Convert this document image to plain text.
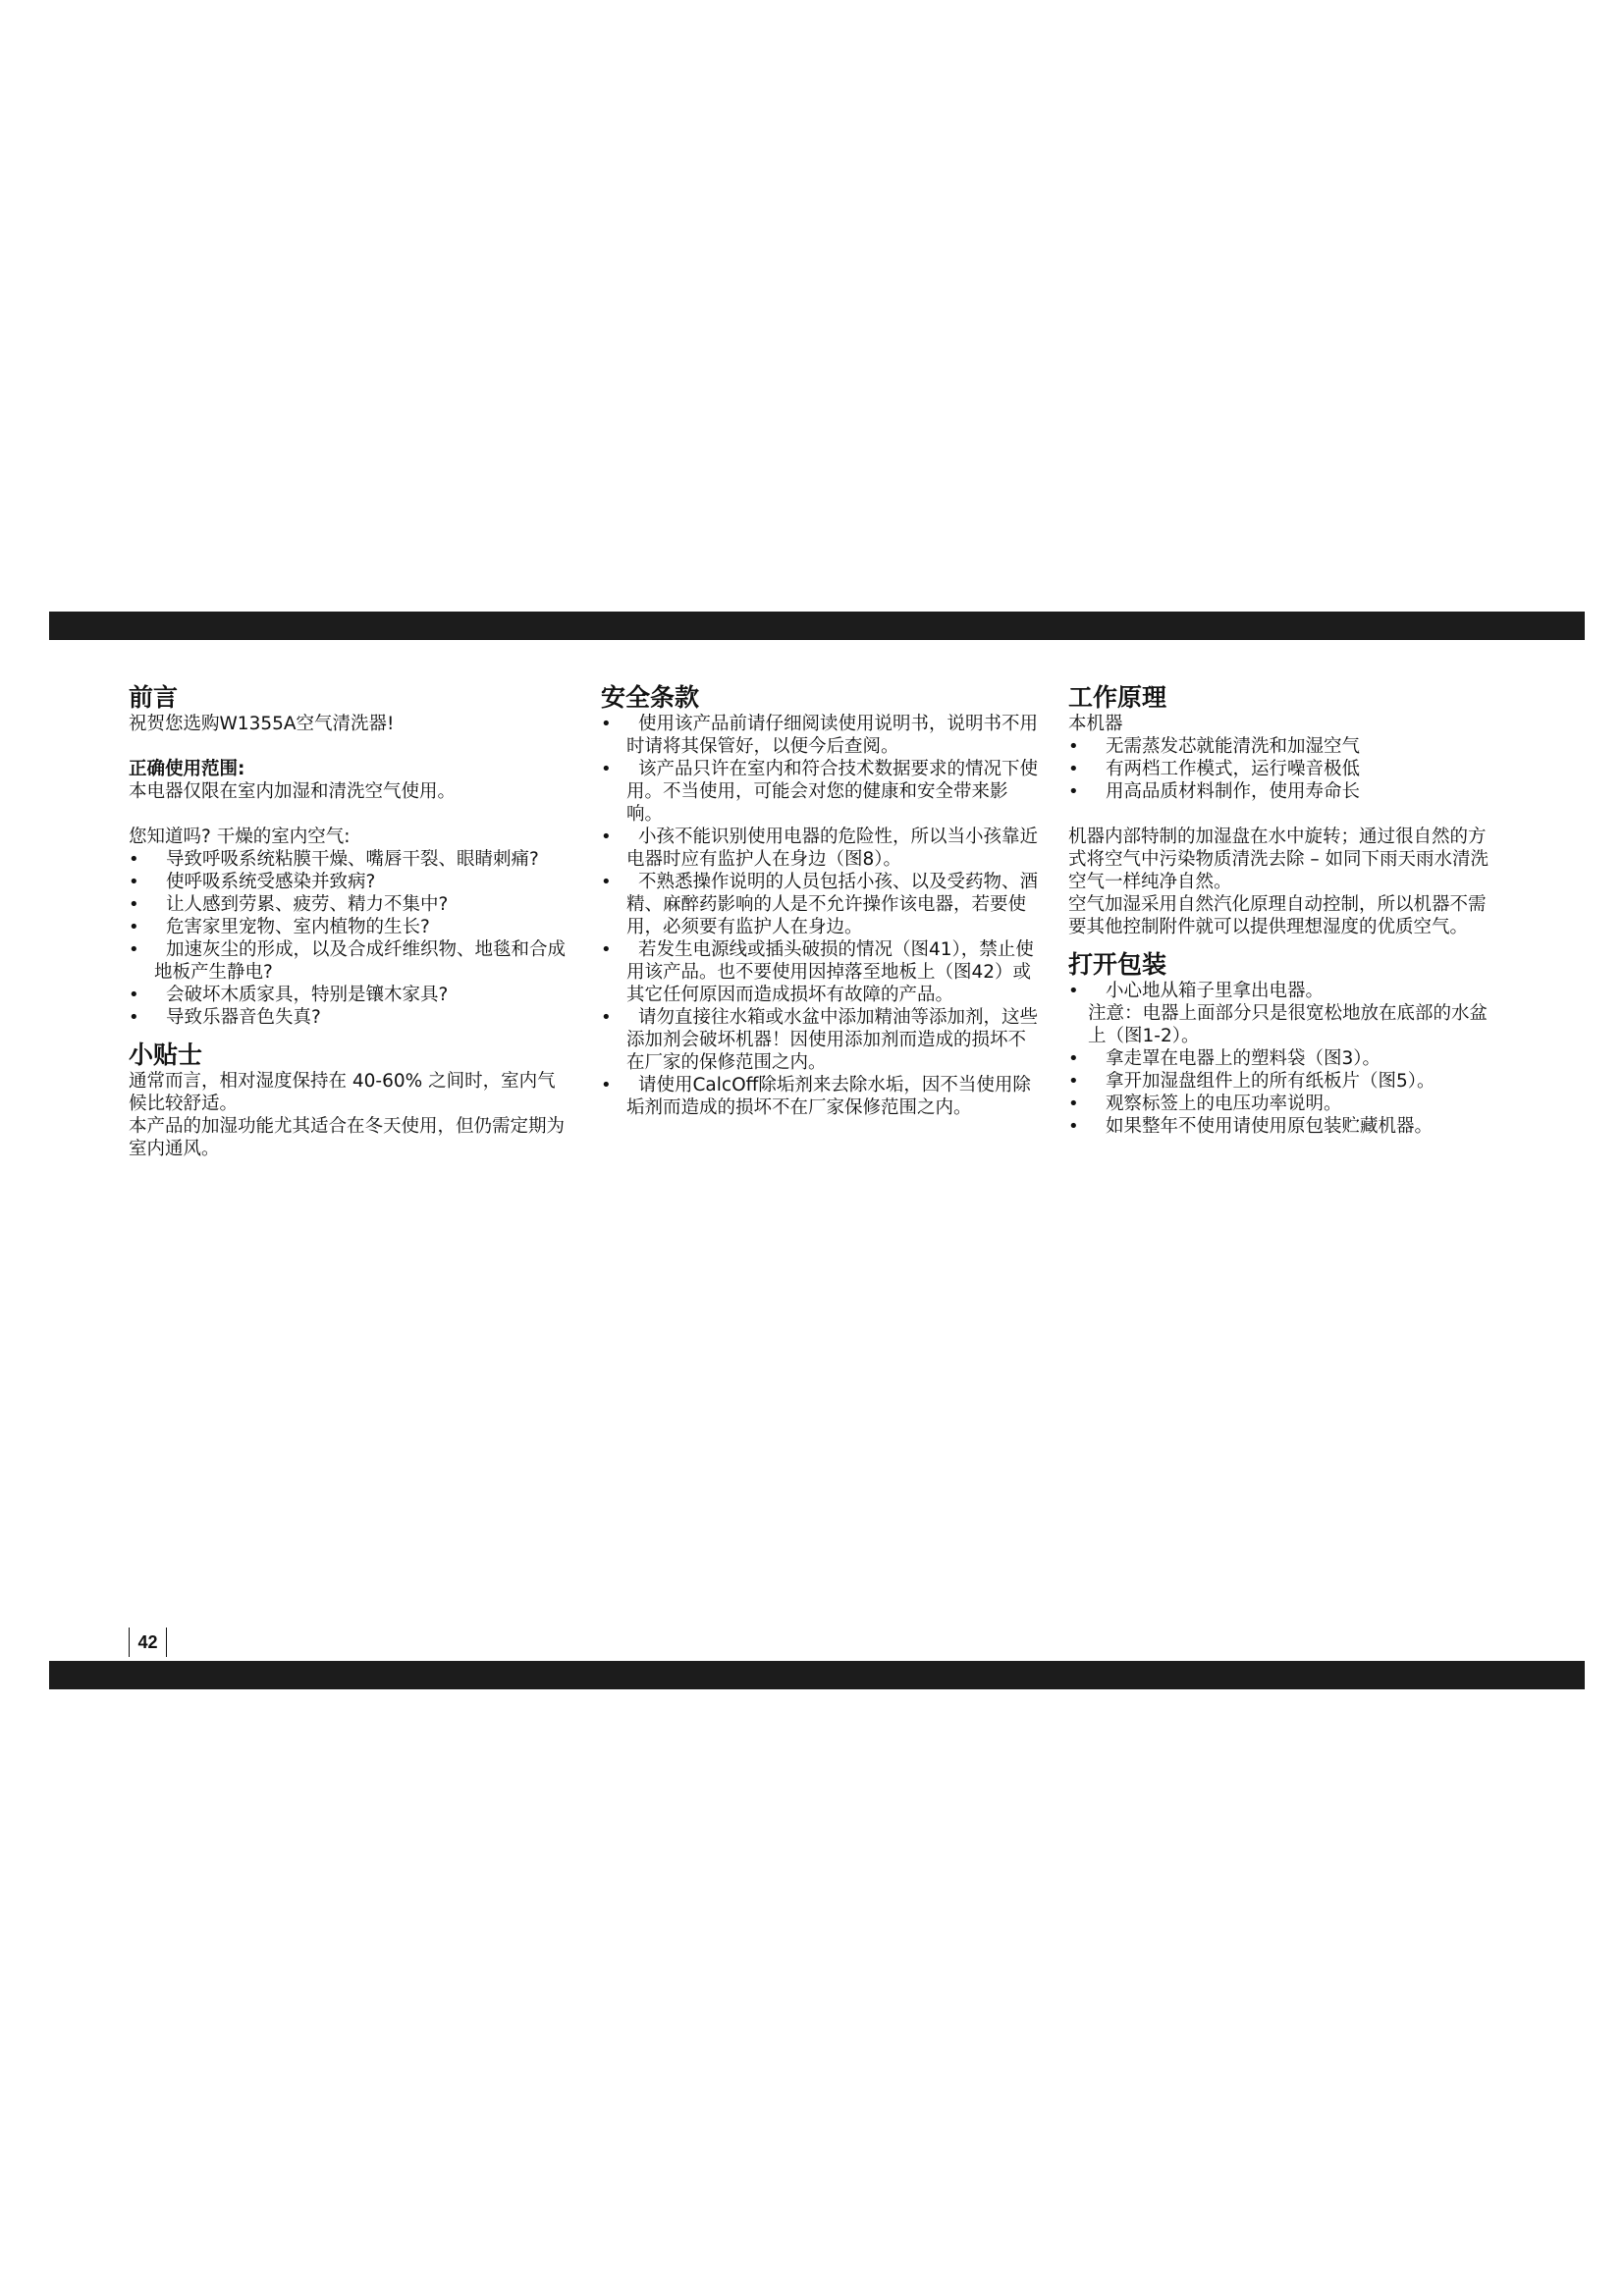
前言

祝贺您选购W1355A空气清洗器!

正确使用范围:

本电器仅限在室内加湿和清洗空气使用。

您知道吗? 干燥的室内空气:

• 导致呼吸系统粘膜干燥、嘴唇干裂、眼睛刺痛?
• 使呼吸系统受感染并致病?
• 让人感到劳累、疲劳、精力不集中?
• 危害家里宠物、室内植物的生长?
• 加速灰尘的形成，以及合成纤维织物、地毯和合成地板产生静电?
• 会破坏木质家具，特别是镶木家具?
• 导致乐器音色失真?
小贴士

通常而言，相对湿度保持在 40-60% 之间时，室内气候比较舒适。

本产品的加湿功能尤其适合在冬天使用，但仍需定期为室内通风。

安全条款
• 使用该产品前请仔细阅读使用说明书，说明书不用时请将其保管好，以便今后查阅。
• 该产品只许在室内和符合技术数据要求的情况下使用。不当使用，可能会对您的健康和安全带来影响。
• 小孩不能识别使用电器的危险性，所以当小孩靠近电器时应有监护人在身边（图8）。
• 不熟悉操作说明的人员包括小孩、以及受药物、酒精、麻醉药影响的人是不允许操作该电器，若要使用，必须要有监护人在身边。
• 若发生电源线或插头破损的情况（图41），禁止使用该产品。也不要使用因掉落至地板上（图42）或其它任何原因而造成损坏有故障的产品。
• 请勿直接往水箱或水盆中添加精油等添加剂，这些添加剂会破坏机器！因使用添加剂而造成的损坏不在厂家的保修范围之内。
• 请使用CalcOff除垢剂来去除水垢，因不当使用除垢剂而造成的损坏不在厂家保修范围之内。
工作原理

本机器

• 无需蒸发芯就能清洗和加湿空气
• 有两档工作模式，运行噪音极低
• 用高品质材料制作，使用寿命长

机器内部特制的加湿盘在水中旋转；通过很自然的方式将空气中污染物质清洗去除 – 如同下雨天雨水清洗空气一样纯净自然。

空气加湿采用自然汽化原理自动控制，所以机器不需要其他控制附件就可以提供理想湿度的优质空气。

打开包装
• 小心地从箱子里拿出电器。

注意：电器上面部分只是很宽松地放在底部的水盆上（图1-2）。

• 拿走罩在电器上的塑料袋（图3）。
• 拿开加湿盘组件上的所有纸板片（图5）。
• 观察标签上的电压功率说明。
• 如果整年不使用请使用原包装贮藏机器。
42
